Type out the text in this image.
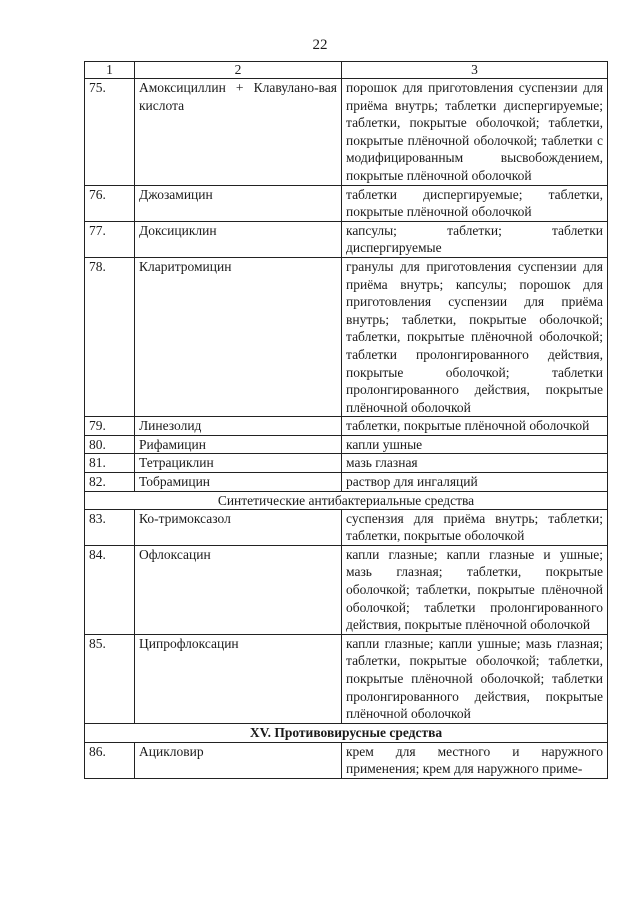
22
1	2	3
75.	Амоксициллин + Клавулано-вая кислота	порошок для приготовления суспензии для приёма внутрь; таблетки диспергируемые; таблетки, покрытые оболочкой; таблетки, покрытые плёночной оболочкой; таблетки с модифицированным высвобождением, покрытые плёночной оболочкой
76.	Джозамицин	таблетки диспергируемые; таблетки, покрытые плёночной оболочкой
77.	Доксициклин	капсулы; таблетки; таблетки диспергируемые
78.	Кларитромицин	гранулы для приготовления суспензии для приёма внутрь; капсулы; порошок для приготовления суспензии для приёма внутрь; таблетки, покрытые оболочкой; таблетки, покрытые плёночной оболочкой; таблетки пролонгированного действия, покрытые оболочкой; таблетки пролонгированного действия, покрытые плёночной оболочкой
79.	Линезолид	таблетки, покрытые плёночной оболочкой
80.	Рифамицин	капли ушные
81.	Тетрациклин	мазь глазная
82.	Тобрамицин	раствор для ингаляций
Синтетические антибактериальные средства		
83.	Ко-тримоксазол	суспензия для приёма внутрь; таблетки; таблетки, покрытые оболочкой
84.	Офлоксацин	капли глазные; капли глазные и ушные; мазь глазная; таблетки, покрытые оболочкой; таблетки, покрытые плёночной оболочкой; таблетки пролонгированного действия, покрытые плёночной оболочкой
85.	Ципрофлоксацин	капли глазные; капли ушные; мазь глазная; таблетки, покрытые оболочкой; таблетки, покрытые плёночной оболочкой; таблетки пролонгированного действия, покрытые плёночной оболочкой
XV. Противовирусные средства		
86.	Ацикловир	крем для местного и наружного применения; крем для наружного приме-
